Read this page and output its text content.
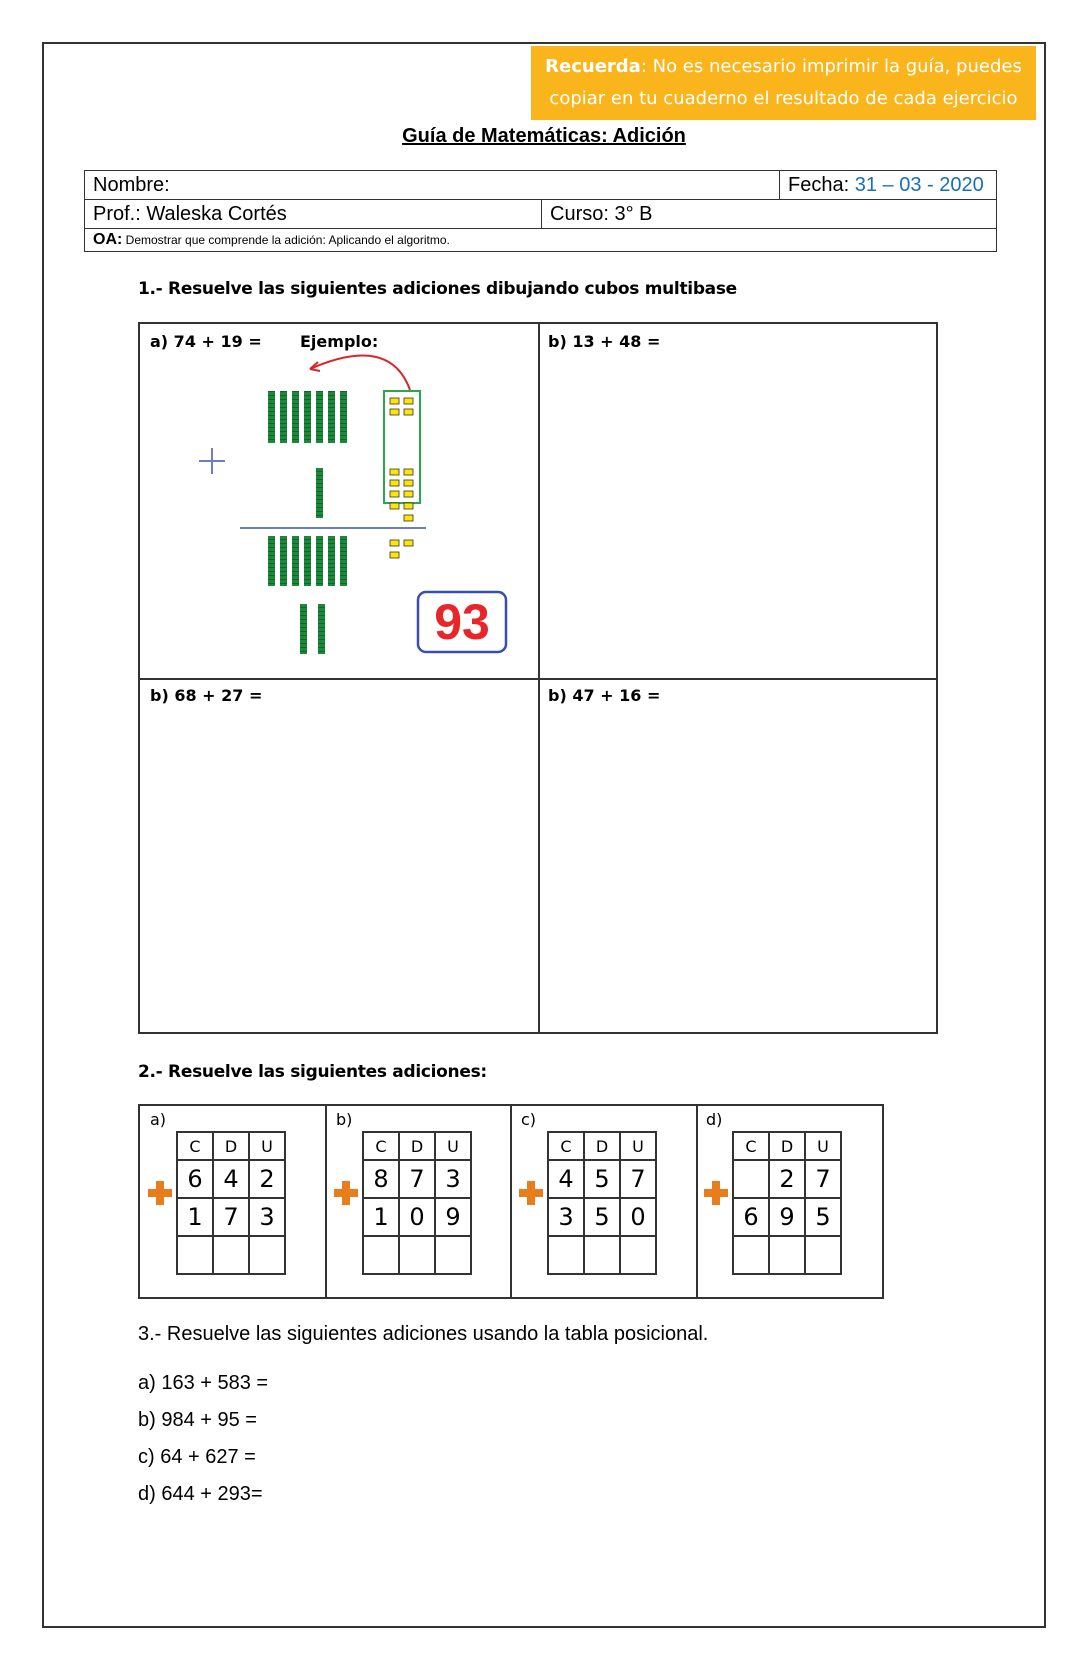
Recuerda: No es necesario imprimir la guía, puedes
copiar en tu cuaderno el resultado de cada ejercicio
Guía de Matemáticas: Adición
Nombre:		Fecha: 31 – 03 - 2020
Prof.: Waleska Cortés	Curso: 3° B	
OA: Demostrar que comprende la adición: Aplicando el algoritmo.		
1.- Resuelve las siguientes adiciones dibujando cubos multibase
a) 74 + 19 = Ejemplo:	b) 13 + 48 =
b) 68 + 27 =	b) 47 + 16 =
93
2.- Resuelve las siguientes adiciones:
a)
C	D	U
6	4	2
1	7	3

b)
C	D	U
8	7	3
1	0	9

c)
C	D	U
4	5	7
3	5	0

d)
C	D	U
	2	7
6	9	5

3.- Resuelve las siguientes adiciones usando la tabla posicional.
a) 163 + 583 =
b) 984 + 95 =
c) 64 + 627 =
d) 644 + 293=
